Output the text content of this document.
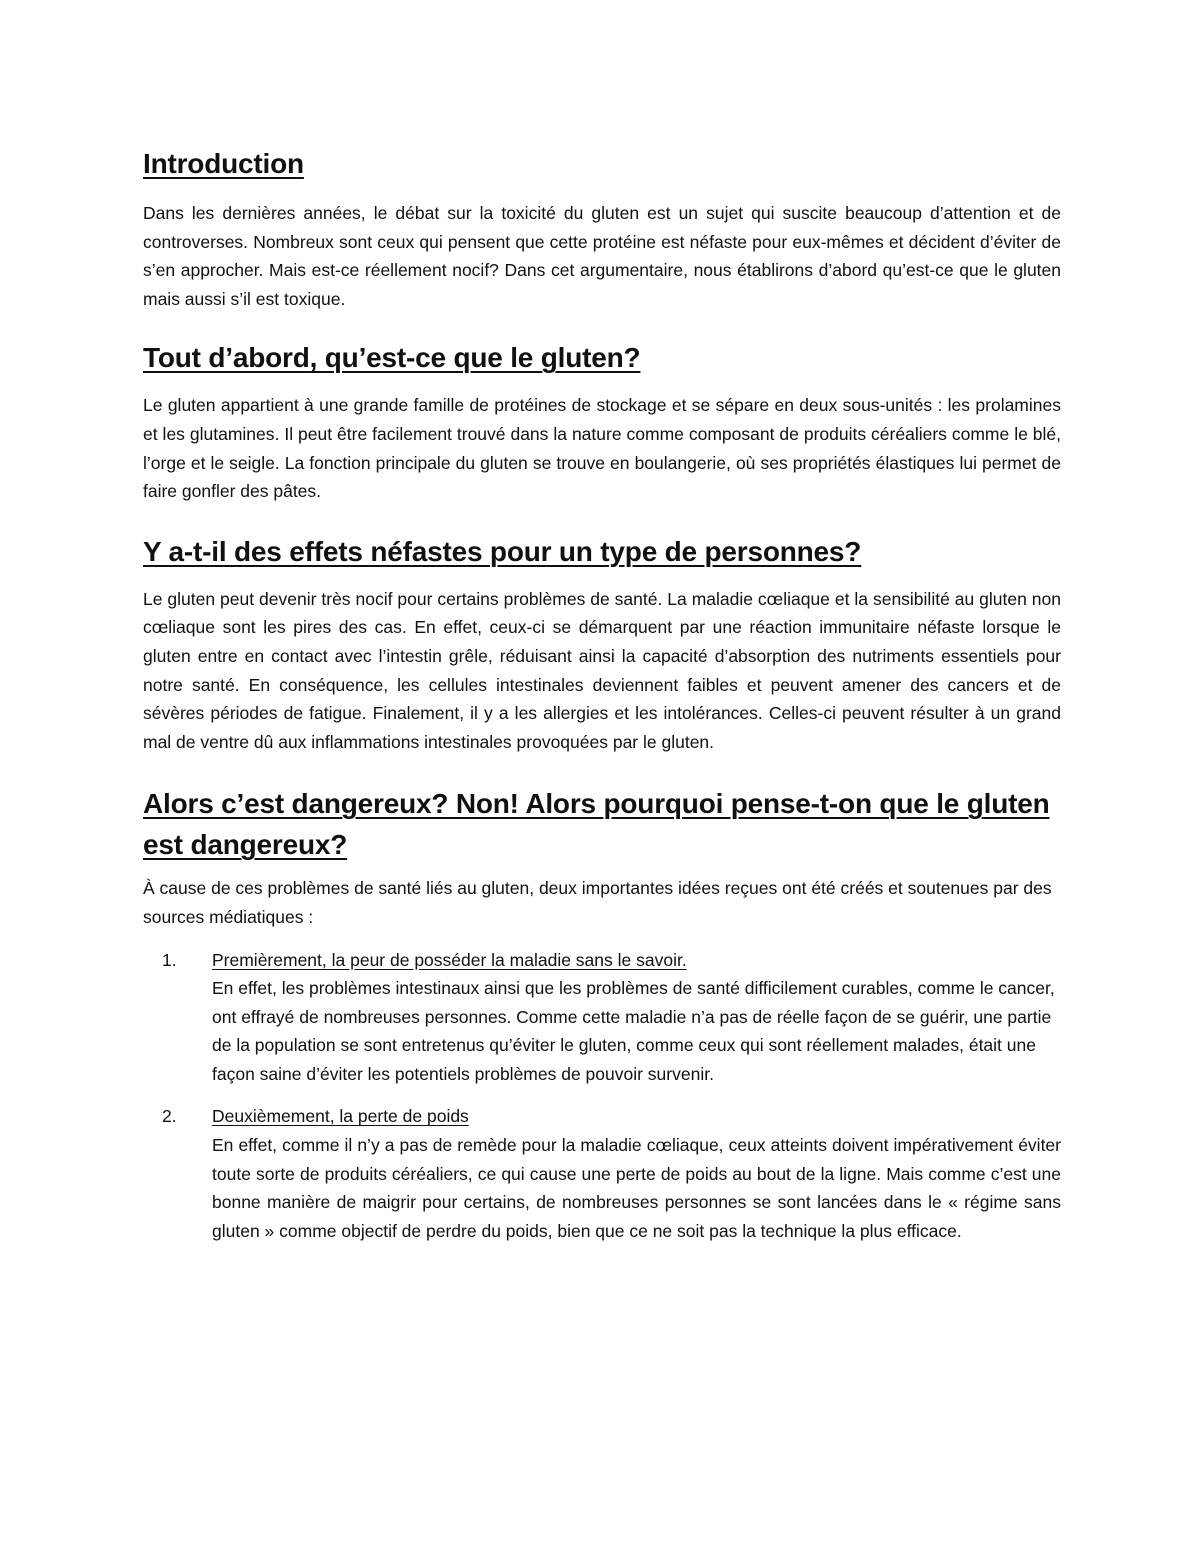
Introduction

Dans les dernières années, le débat sur la toxicité du gluten est un sujet qui suscite beaucoup d’attention et de controverses. Nombreux sont ceux qui pensent que cette protéine est néfaste pour eux-mêmes et décident d’éviter de s’en approcher. Mais est-ce réellement nocif? Dans cet argumentaire, nous établirons d’abord qu’est-ce que le gluten mais aussi s’il est toxique.

Tout d’abord, qu’est-ce que le gluten?

Le gluten appartient à une grande famille de protéines de stockage et se sépare en deux sous-unités : les prolamines et les glutamines. Il peut être facilement trouvé dans la nature comme composant de produits céréaliers comme le blé, l’orge et le seigle. La fonction principale du gluten se trouve en boulangerie, où ses propriétés élastiques lui permet de faire gonfler des pâtes.

Y a-t-il des effets néfastes pour un type de personnes?

Le gluten peut devenir très nocif pour certains problèmes de santé. La maladie cœliaque et la sensibilité au gluten non cœliaque sont les pires des cas. En effet, ceux-ci se démarquent par une réaction immunitaire néfaste lorsque le gluten entre en contact avec l’intestin grêle, réduisant ainsi la capacité d’absorption des nutriments essentiels pour notre santé. En conséquence, les cellules intestinales deviennent faibles et peuvent amener des cancers et de sévères périodes de fatigue. Finalement, il y a les allergies et les intolérances. Celles-ci peuvent résulter à un grand mal de ventre dû aux inflammations intestinales provoquées par le gluten.

Alors c’est dangereux? Non! Alors pourquoi pense-t-on que le gluten est dangereux?

À cause de ces problèmes de santé liés au gluten, deux importantes idées reçues ont été créés et soutenues par des sources médiatiques :

1. Premièrement, la peur de posséder la maladie sans le savoir.
En effet, les problèmes intestinaux ainsi que les problèmes de santé difficilement curables, comme le cancer, ont effrayé de nombreuses personnes. Comme cette maladie n’a pas de réelle façon de se guérir, une partie de la population se sont entretenus qu’éviter le gluten, comme ceux qui sont réellement malades, était une façon saine d’éviter les potentiels problèmes de pouvoir survenir.
2. Deuxièmement, la perte de poids
En effet, comme il n’y a pas de remède pour la maladie cœliaque, ceux atteints doivent impérativement éviter toute sorte de produits céréaliers, ce qui cause une perte de poids au bout de la ligne. Mais comme c’est une bonne manière de maigrir pour certains, de nombreuses personnes se sont lancées dans le « régime sans gluten » comme objectif de perdre du poids, bien que ce ne soit pas la technique la plus efficace.
